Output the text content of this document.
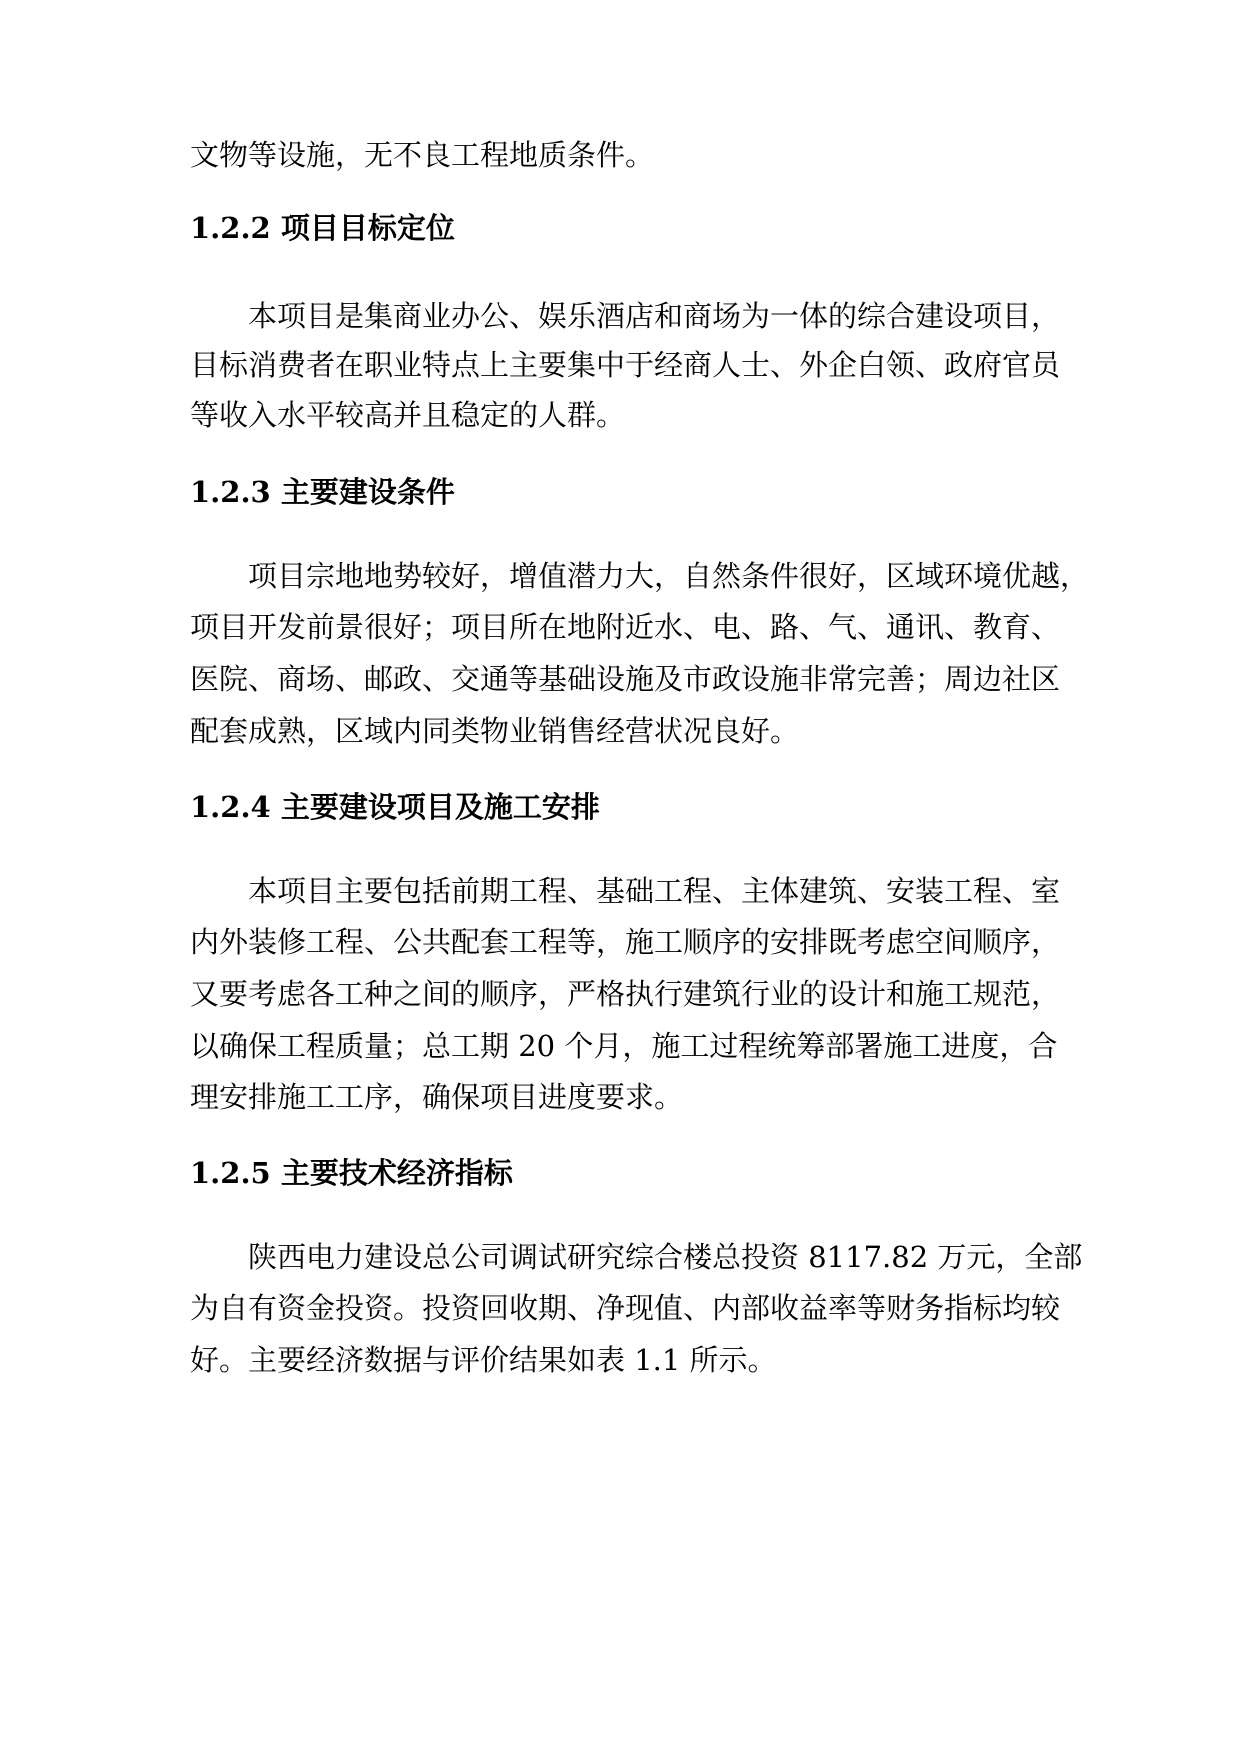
文物等设施，无不良工程地质条件。

1.2.2 项目目标定位

本项目是集商业办公、娱乐酒店和商场为一体的综合建设项目，

目标消费者在职业特点上主要集中于经商人士、外企白领、政府官员

等收入水平较高并且稳定的人群。

1.2.3 主要建设条件

项目宗地地势较好，增值潜力大，自然条件很好，区域环境优越，

项目开发前景很好；项目所在地附近水、电、路、气、通讯、教育、

医院、商场、邮政、交通等基础设施及市政设施非常完善；周边社区

配套成熟，区域内同类物业销售经营状况良好。

1.2.4 主要建设项目及施工安排

本项目主要包括前期工程、基础工程、主体建筑、安装工程、室

内外装修工程、公共配套工程等，施工顺序的安排既考虑空间顺序，

又要考虑各工种之间的顺序，严格执行建筑行业的设计和施工规范，

以确保工程质量；总工期 20 个月，施工过程统筹部署施工进度，合

理安排施工工序，确保项目进度要求。

1.2.5 主要技术经济指标

陕西电力建设总公司调试研究综合楼总投资 8117.82 万元，全部

为自有资金投资。投资回收期、净现值、内部收益率等财务指标均较

好。主要经济数据与评价结果如表 1.1 所示。
